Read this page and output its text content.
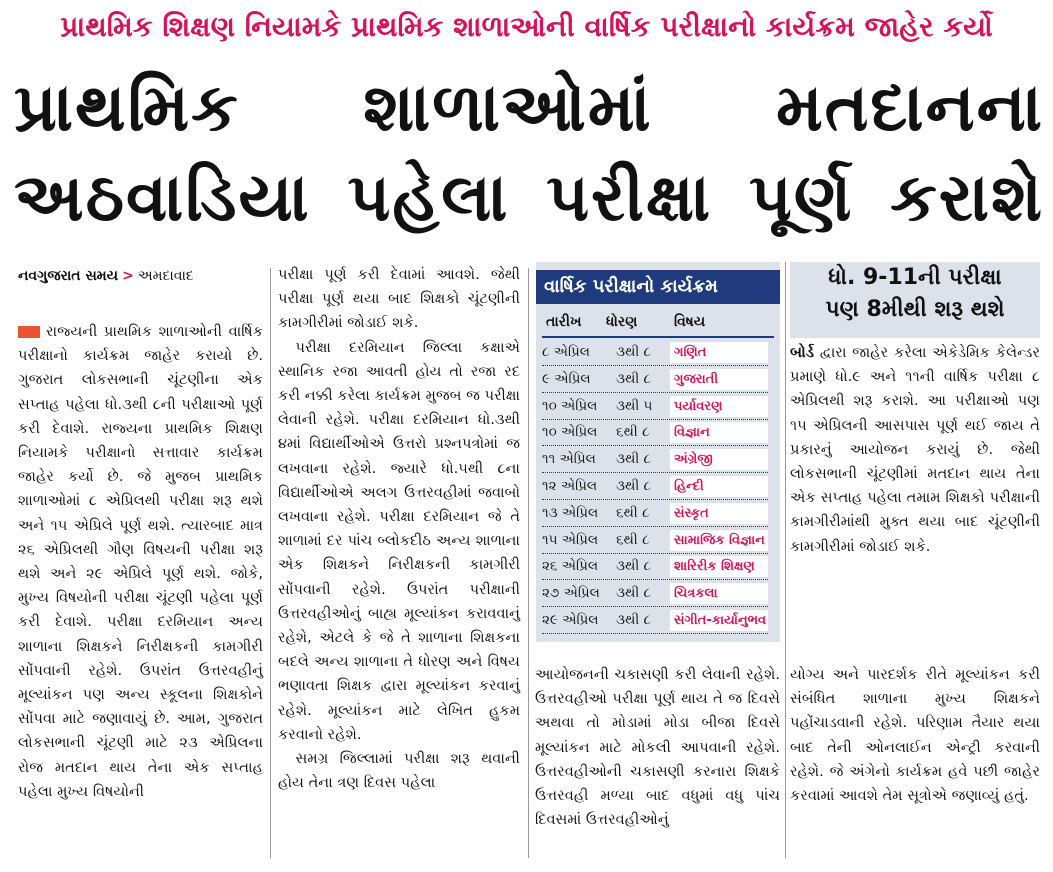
પ્રાથમિક શિક્ષણ નિયામકે પ્રાથમિક શાળાઓની વાર્ષિક પરીક્ષાનો કાર્યક્રમ જાહેર કર્યો
પ્રાથમિક શાળાઓમાં મતદાનના
અઠવાડિયા પહેલા પરીક્ષા પૂર્ણ કરાશે
નવગુજરાત સમય > અમદાવાદ

રાજ્યની પ્રાથમિક શાળાઓની વાર્ષિક પરીક્ષાનો કાર્યક્રમ જાહેર કરાયો છે. ગુજરાત લોકસભાની ચૂંટણીના એક સપ્તાહ પહેલા ધો.૩થી ૮ની પરીક્ષાઓ પૂર્ણ કરી દેવાશે. રાજ્યના પ્રાથમિક શિક્ષણ નિયામકે પરીક્ષાનો સત્તાવાર કાર્યક્રમ જાહેર કર્યો છે. જે મુજબ પ્રાથમિક શાળાઓમાં ૮ એપ્રિલથી પરીક્ષા શરૂ થશે અને ૧૫ એપ્રિલે પૂર્ણ થશે. ત્યારબાદ માત્ર ૨૬ એપ્રિલથી ગૌણ વિષયની પરીક્ષા શરૂ થશે અને ૨૯ એપ્રિલે પૂર્ણ થશે. જોકે, મુખ્ય વિષયોની પરીક્ષા ચૂંટણી પહેલા પૂર્ણ કરી દેવાશે. પરીક્ષા દરમિયાન અન્ય શાળાના શિક્ષકને નિરીક્ષકની કામગીરી સોંપવાની રહેશે. ઉપરાંત ઉત્તરવહીનું મૂલ્યાંકન પણ અન્ય સ્કૂલના શિક્ષકોને સોંપવા માટે જણાવાયું છે. આમ, ગુજરાત લોકસભાની ચૂંટણી માટે ૨૩ એપ્રિલના રોજ મતદાન થાય તેના એક સપ્તાહ પહેલા મુખ્ય વિષયોની

પરીક્ષા પૂર્ણ કરી દેવામાં આવશે. જેથી પરીક્ષા પૂર્ણ થયા બાદ શિક્ષકો ચૂંટણીની કામગીરીમાં જોડાઈ શકે.

પરીક્ષા દરમિયાન જિલ્લા કક્ષાએ સ્થાનિક રજા આવતી હોય તો રજા રદ કરી નક્કી કરેલા કાર્યક્રમ મુજબ જ પરીક્ષા લેવાની રહેશે. પરીક્ષા દરમિયાન ધો.૩થી ૪માં વિદ્યાર્થીઓએ ઉત્તરો પ્રશ્નપત્રોમાં જ લખવાના રહેશે. જ્યારે ધો.૫થી ૮ના વિદ્યાર્થીઓએ અલગ ઉત્તરવહીમાં જવાબો લખવાના રહેશે. પરીક્ષા દરમિયાન જે તે શાળામાં દર પાંચ બ્લોકદીઠ અન્ય શાળાના એક શિક્ષકને નિરીક્ષકની કામગીરી સોંપવાની રહેશે. ઉપરાંત પરીક્ષાની ઉત્તરવહીઓનું બાહ્ય મૂલ્યાંકન કરાવવાનું રહેશે, એટલે કે જે તે શાળાના શિક્ષકના બદલે અન્ય શાળાના તે ધોરણ અને વિષય ભણાવતા શિક્ષક દ્વારા મૂલ્યાંકન કરવાનું રહેશે. મૂલ્યાંકન માટે લેખિત હુકમ કરવાનો રહેશે.

સમગ્ર જિલ્લામાં પરીક્ષા શરૂ થવાની હોય તેના ત્રણ દિવસ પહેલા

વાર્ષિક પરીક્ષાનો કાર્યક્રમ
તારીખ ધોરણ	વિષય
૮ એપ્રિલ ૩થી ૮	ગણિત
૯ એપ્રિલ ૩થી ૮	ગુજરાતી
૧૦ એપ્રિલ ૩થી ૫	પર્યાવરણ
૧૦ એપ્રિલ ૬થી ૮	વિજ્ઞાન
૧૧ એપ્રિલ ૩થી ૮	અંગ્રેજી
૧૨ એપ્રિલ ૩થી ૮	હિન્દી
૧૩ એપ્રિલ ૬થી ૮	સંસ્કૃત
૧૫ એપ્રિલ ૬થી ૮	સામાજિક વિજ્ઞાન
૨૬ એપ્રિલ ૩થી ૮	શારિરીક શિક્ષણ
૨૭ એપ્રિલ ૩થી ૮	ચિત્રકલા
૨૯ એપ્રિલ ૩થી ૮	સંગીત-કાર્યાનુભવ
ધો. 9-11ની પરીક્ષા
પણ 8મીથી શરૂ થશે
બોર્ડ દ્વારા જાહેર કરેલા એકેડેમિક કેલેન્ડર પ્રમાણે ધો.૯ અને ૧૧ની વાર્ષિક પરીક્ષા ૮ એપ્રિલથી શરૂ કરાશે. આ પરીક્ષાઓ પણ ૧૫ એપ્રિલની આસપાસ પૂર્ણ થઈ જાય તે પ્રકારનું આયોજન કરાયું છે. જેથી લોકસભાની ચૂંટણીમાં મતદાન થાય તેના એક સપ્તાહ પહેલા તમામ શિક્ષકો પરીક્ષાની કામગીરીમાંથી મુક્ત થયા બાદ ચૂંટણીની કામગીરીમાં જોડાઈ શકે.

આયોજનની ચકાસણી કરી લેવાની રહેશે. ઉત્તરવહીઓ પરીક્ષા પૂર્ણ થાય તે જ દિવસે અથવા તો મોડામાં મોડા બીજા દિવસે મૂલ્યાંકન માટે મોકલી આપવાની રહેશે. ઉત્તરવહીઓની ચકાસણી કરનારા શિક્ષકે ઉત્તરવહી મળ્યા બાદ વધુમાં વધુ પાંચ દિવસમાં ઉત્તરવહીઓનું

યોગ્ય અને પારદર્શક રીતે મૂલ્યાંકન કરી સંબંધિત શાળાના મુખ્ય શિક્ષકને પહોંચાડવાની રહેશે. પરિણામ તૈયાર થયા બાદ તેની ઓનલાઈન એન્ટ્રી કરવાની રહેશે. જે અંગેનો કાર્યક્રમ હવે પછી જાહેર કરવામાં આવશે તેમ સૂત્રોએ જણાવ્યું હતું.
